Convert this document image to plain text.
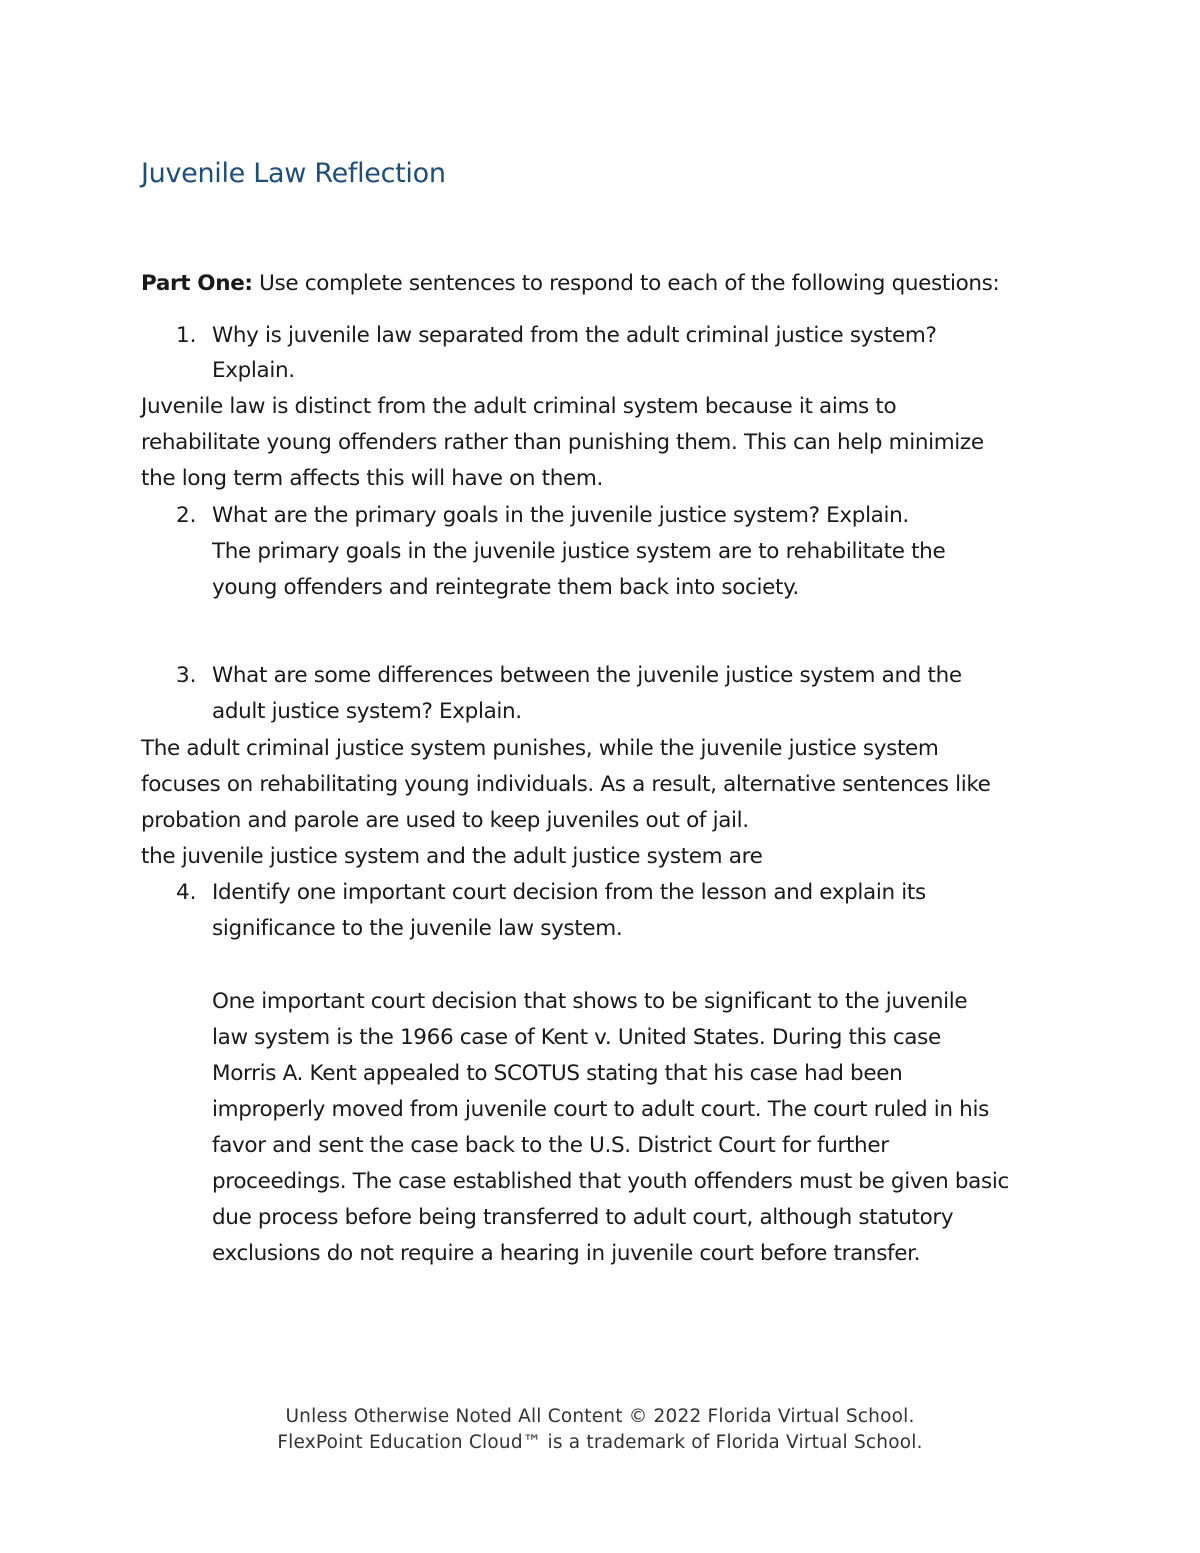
Juvenile Law Reflection
Part One: Use complete sentences to respond to each of the following questions:
1. Why is juvenile law separated from the adult criminal justice system?
Explain.
Juvenile law is distinct from the adult criminal system because it aims to
rehabilitate young offenders rather than punishing them. This can help minimize
the long term affects this will have on them.
2. What are the primary goals in the juvenile justice system? Explain.
The primary goals in the juvenile justice system are to rehabilitate the
young offenders and reintegrate them back into society.
3. What are some differences between the juvenile justice system and the
adult justice system? Explain.
The adult criminal justice system punishes, while the juvenile justice system
focuses on rehabilitating young individuals. As a result, alternative sentences like
probation and parole are used to keep juveniles out of jail.
the juvenile justice system and the adult justice system are
4. Identify one important court decision from the lesson and explain its
significance to the juvenile law system.
One important court decision that shows to be significant to the juvenile
law system is the 1966 case of Kent v. United States. During this case
Morris A. Kent appealed to SCOTUS stating that his case had been
improperly moved from juvenile court to adult court. The court ruled in his
favor and sent the case back to the U.S. District Court for further
proceedings. The case established that youth offenders must be given basic
due process before being transferred to adult court, although statutory
exclusions do not require a hearing in juvenile court before transfer.
Unless Otherwise Noted All Content © 2022 Florida Virtual School.
FlexPoint Education Cloud™ is a trademark of Florida Virtual School.
